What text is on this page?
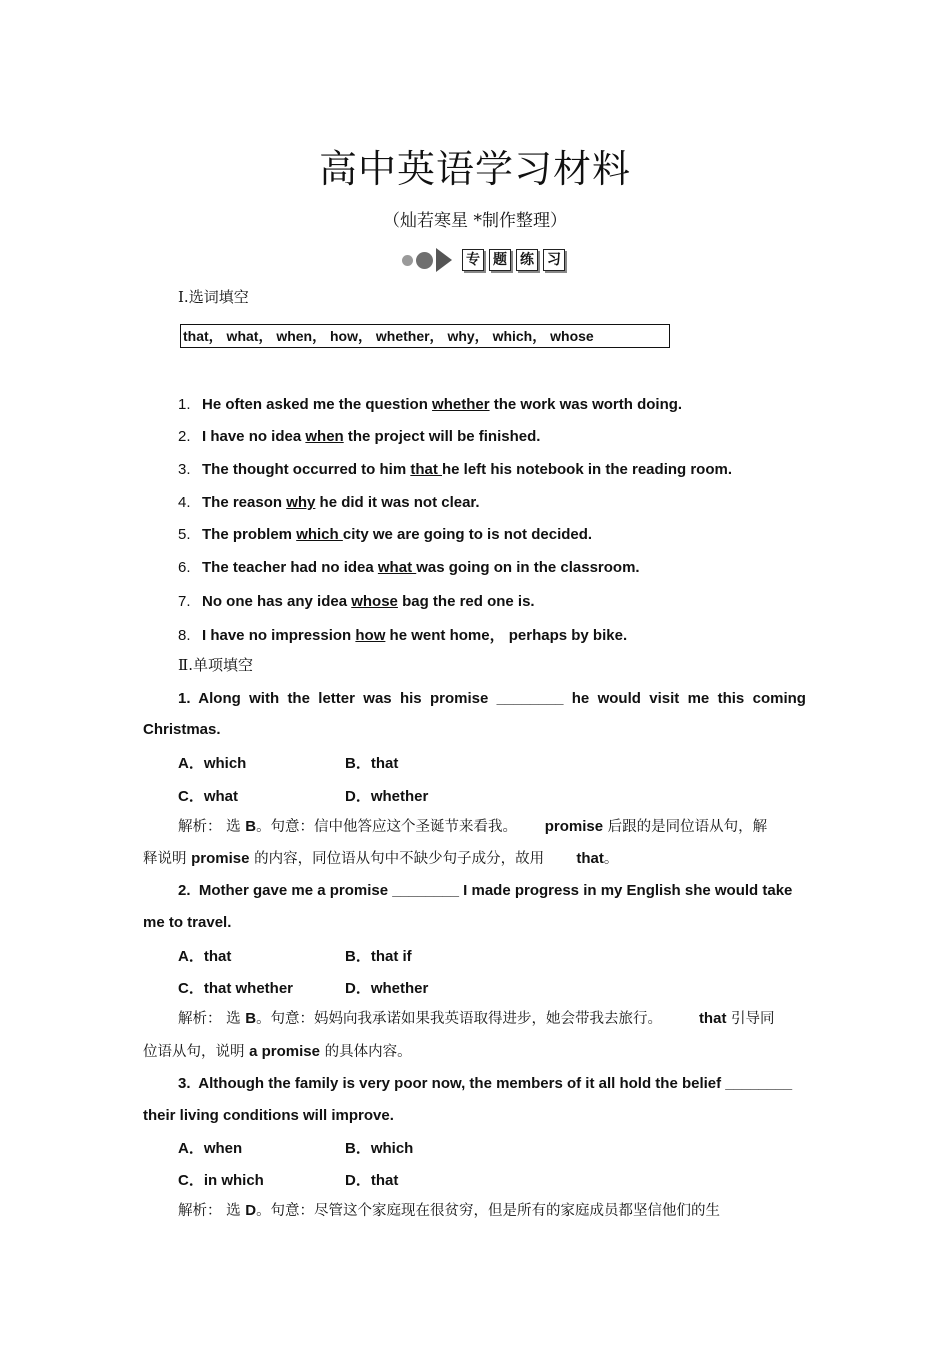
高中英语学习材料
（灿若寒星 *制作整理）
专 题 练 习
Ⅰ.选词填空
that， what， when， how， whether， why， which， whose
1. He often asked me the question whether the work was worth doing.
2. I have no idea when the project will be finished.
3. The thought occurred to him that he left his notebook in the reading room.
4. The reason why he did it was not clear.
5. The problem which city we are going to is not decided.
6. The teacher had no idea what was going on in the classroom.
7. No one has any idea whose bag the red one is.
8. I have no impression how he went home， perhaps by bike.
Ⅱ.单项填空
1.  Along  with  the  letter  was  his  promise  ________  he  would  visit  me  this  coming
Christmas.
A．which	B．that
C．what	D．whether
解析： 选 B。句意：信中他答应这个圣诞节来看我。 promise 后跟的是同位语从句，解
释说明 promise 的内容，同位语从句中不缺少句子成分，故用       that。
2.  Mother gave me a promise ________ I made progress in my English she would take
me to travel.
A．that	B．that if
C．that whether	D．whether
解析： 选 B。句意：妈妈向我承诺如果我英语取得进步，她会带我去旅行。 that 引导同
位语从句，说明 a promise 的具体内容。
3.  Although the family is very poor now, the members of it all hold the belief ________
their living conditions will improve.
A．when	B．which
C．in which	D．that
解析： 选 D。句意：尽管这个家庭现在很贫穷，但是所有的家庭成员都坚信他们的生
